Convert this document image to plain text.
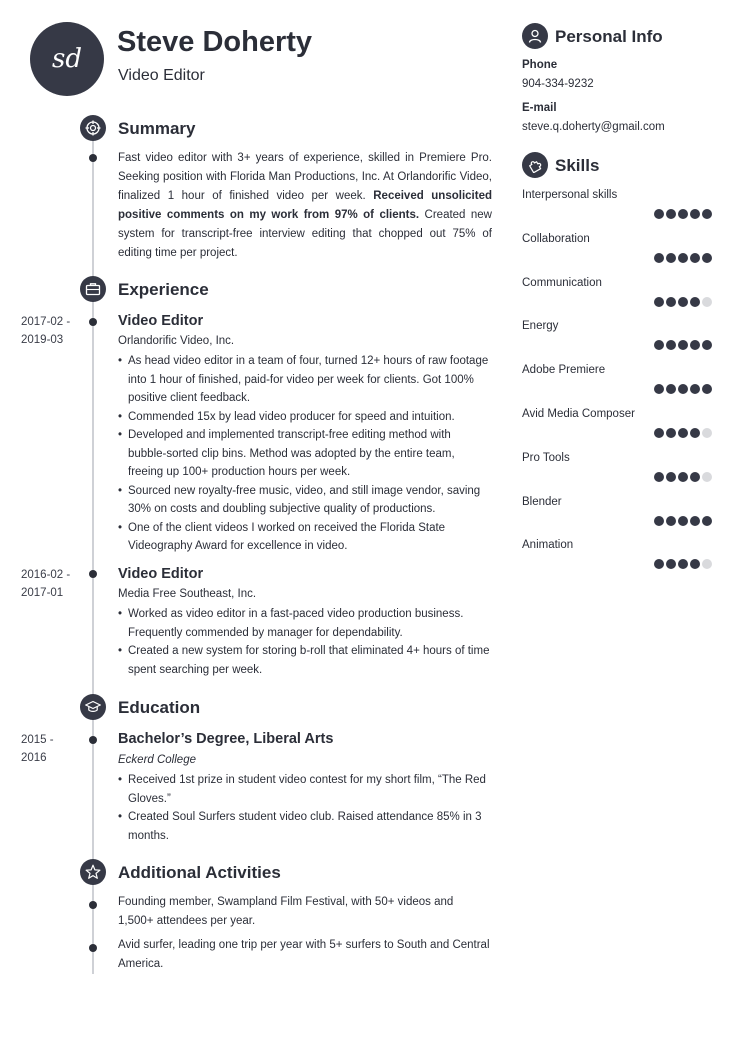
sd
Steve Doherty
Video Editor
Summary
Fast video editor with 3+ years of experience, skilled in Premiere Pro. Seeking position with Florida Man Productions, Inc. At Orlandorific Video, finalized 1 hour of finished video per week. Received unsolicited positive comments on my work from 97% of clients. Created new system for transcript-free interview editing that chopped out 75% of editing time per project.
Experience
2017-02 -
2019-03
Video Editor
Orlandorific Video, Inc.
• As head video editor in a team of four, turned 12+ hours of raw footage into 1 hour of finished, paid-for video per week for clients. Got 100% positive client feedback.
• Commended 15x by lead video producer for speed and intuition.
• Developed and implemented transcript-free editing method with bubble-sorted clip bins. Method was adopted by the entire team, freeing up 100+ production hours per week.
• Sourced new royalty-free music, video, and still image vendor, saving 30% on costs and doubling subjective quality of productions.
• One of the client videos I worked on received the Florida State Videography Award for excellence in video.
2016-02 -
2017-01
Video Editor
Media Free Southeast, Inc.
• Worked as video editor in a fast-paced video production business. Frequently commended by manager for dependability.
• Created a new system for storing b-roll that eliminated 4+ hours of time spent searching per week.
Education
2015 -
2016
Bachelor’s Degree, Liberal Arts
Eckerd College
• Received 1st prize in student video contest for my short film, “The Red Gloves.”
• Created Soul Surfers student video club. Raised attendance 85% in 3 months.
Additional Activities
Founding member, Swampland Film Festival, with 50+ videos and 1,500+ attendees per year.
Avid surfer, leading one trip per year with 5+ surfers to South and Central America.
Personal Info
Phone
904-334-9232
E-mail
steve.q.doherty@gmail.com
Skills
Interpersonal skills
Collaboration
Communication
Energy
Adobe Premiere
Avid Media Composer
Pro Tools
Blender
Animation
